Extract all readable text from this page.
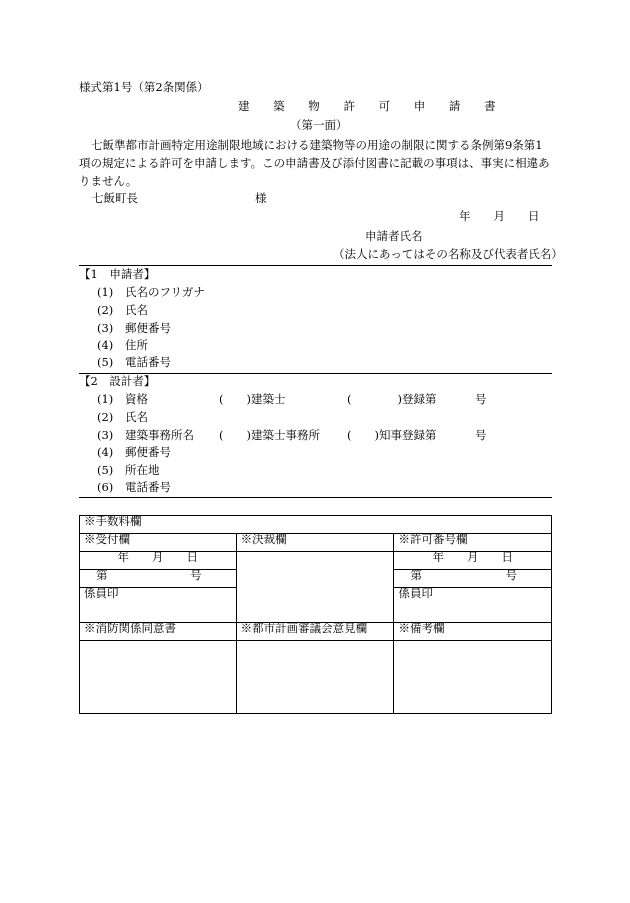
様式第1号（第2条関係）
建 築 物 許 可 申 請 書
（第一面）
七飯準都市計画特定用途制限地域における建築物等の用途の制限に関する条例第9条第1項の規定による許可を申請します。この申請書及び添付図書に記載の事項は、事実に相違ありません。
七飯町長	様
年　　月　　日
申請者氏名
（法人にあってはその名称及び代表者氏名）
【1　申請者】
(1) 氏名のフリガナ
(2) 氏名
(3) 郵便番号
(4) 住所
(5) 電話番号
【2　設計者】
(1) 資格	(　　)建築士	(　　　　)登録第	号
(2) 氏名
(3) 建築事務所名 (　　)建築士事務所 (　　)知事登録第	号
(4) 郵便番号
(5) 所在地
(6) 電話番号
※手数料欄		
※受付欄	※決裁欄	※許可番号欄
年　　月　　日		年　　月　　日
第 号		第 号

係員印		係員印
※消防関係同意書	※都市計画審議会意見欄	※備考欄
